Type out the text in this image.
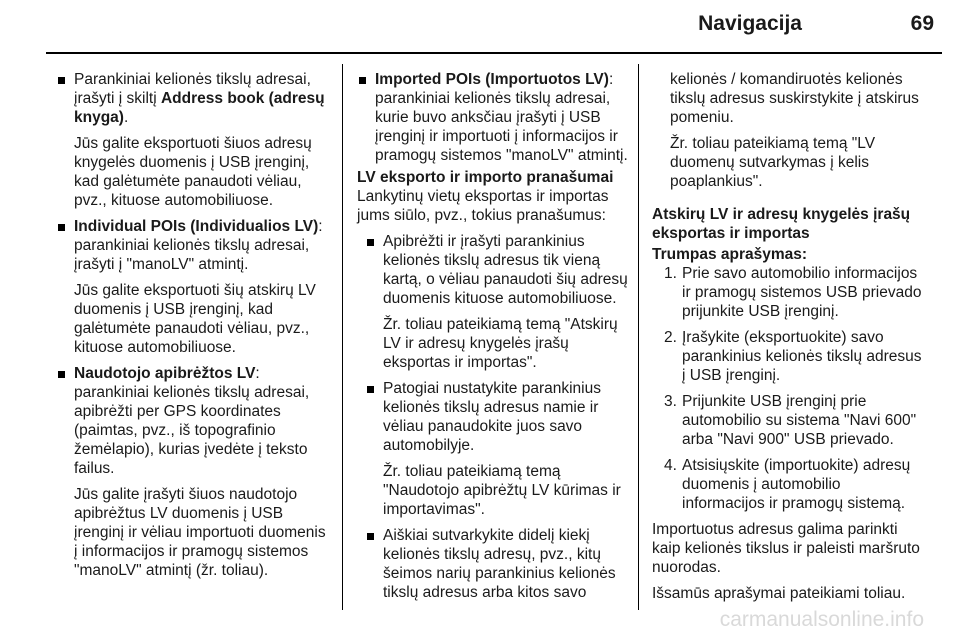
Navigacija	69
Parankiniai kelionės tikslų adresai, įrašyti į skiltį Address book (adresų knyga).
Jūs galite eksportuoti šiuos adresų knygelės duomenis į USB įrenginį, kad galėtumėte panaudoti vėliau, pvz., kituose automobiliuose.
Individual POIs (Individualios LV): parankiniai kelionės tikslų adresai, įrašyti į "manoLV" atmintį.
Jūs galite eksportuoti šių atskirų LV duomenis į USB įrenginį, kad galėtumėte panaudoti vėliau, pvz., kituose automobiliuose.
Naudotojo apibrėžtos LV: parankiniai kelionės tikslų adresai, apibrėžti per GPS koordinates (paimtas, pvz., iš topografinio žemėlapio), kurias įvedėte į teksto failus.
Jūs galite įrašyti šiuos naudotojo apibrėžtus LV duomenis į USB įrenginį ir vėliau importuoti duomenis į informacijos ir pramogų sistemos "manoLV" atmintį (žr. toliau).
Imported POIs (Importuotos LV): parankiniai kelionės tikslų adresai, kurie buvo anksčiau įrašyti į USB įrenginį ir importuoti į informacijos ir pramogų sistemos "manoLV" atmintį.
LV eksporto ir importo pranašumai
Lankytinų vietų eksportas ir importas jums siūlo, pvz., tokius pranašumus:
Apibrėžti ir įrašyti parankinius kelionės tikslų adresus tik vieną kartą, o vėliau panaudoti šių adresų duomenis kituose automobiliuose.
Žr. toliau pateikiamą temą "Atskirų LV ir adresų knygelės įrašų eksportas ir importas".
Patogiai nustatykite parankinius kelionės tikslų adresus namie ir vėliau panaudokite juos savo automobilyje.
Žr. toliau pateikiamą temą "Naudotojo apibrėžtų LV kūrimas ir importavimas".
Aiškiai sutvarkykite didelį kiekį kelionės tikslų adresų, pvz., kitų šeimos narių parankinius kelionės tikslų adresus arba kitos savo
kelionės / komandiruotės kelionės tikslų adresus suskirstykite į atskirus pomeniu.
Žr. toliau pateikiamą temą "LV duomenų sutvarkymas į kelis poaplankius".
Atskirų LV ir adresų knygelės įrašų eksportas ir importas
Trumpas aprašymas:
1. Prie savo automobilio informacijos ir pramogų sistemos USB prievado prijunkite USB įrenginį.
2. Įrašykite (eksportuokite) savo parankinius kelionės tikslų adresus į USB įrenginį.
3. Prijunkite USB įrenginį prie automobilio su sistema "Navi 600" arba "Navi 900" USB prievado.
4. Atsisiųskite (importuokite) adresų duomenis į automobilio informacijos ir pramogų sistemą.
Importuotus adresus galima parinkti kaip kelionės tikslus ir paleisti maršruto nuorodas.
Išsamūs aprašymai pateikiami toliau.
carmanualsonline.info
